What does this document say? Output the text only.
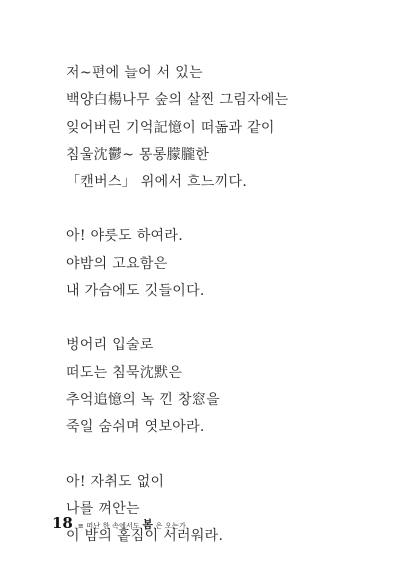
저~편에 늘어 서 있는
백양白楊나무 숲의 살찐 그림자에는
잊어버린 기억記憶이 떠돎과 같이
침울沈鬱~ 몽롱朦朧한
「캔버스」 위에서 흐느끼다.
아! 야릇도 하여라.
야밤의 고요함은
내 가슴에도 깃들이다.
벙어리 입술로
떠도는 침묵沈默은
추억追憶의 녹 낀 창窓을
죽일 숨쉬며 엿보아라.
아! 자취도 없이
나를 껴안는
이 밤의 홑짐이 서러워라.
18 ≡ 떠난 한 속에서도 봄 은 오는가
